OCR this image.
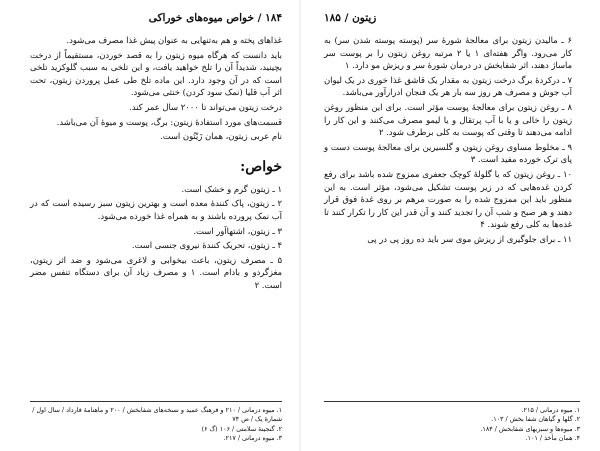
۱۸۴ / خواص میوه‌های خوراکی

غذاهای پخته و هم به‌تنهایی به عنوان پیش غذا مصرف می‌شود.

باید دانست که هرگاه میوه زیتون را به قصد خوردن، مستقیماً از درخت بچینید، شدیداً آن را تلخ خواهید یافت، و این تلخی به سبب گلوکزید تلخی است که در آن وجود دارد. این ماده تلخ طی عمل پروردن زیتون، تحت اثر آب قلیا (نمک سود کردن) خنثی می‌شود.

درخت زیتون می‌تواند تا ۲۰۰۰ سال عمر کند.

قسمت‌های مورد استفادهٔ زیتون: برگ، پوست و میوهٔ آن می‌باشد.

نام عربی زیتون، همان زَیْتُون است.

خواص:

۱ ـ زیتون گرم و خشک است.

۲ ـ زیتون، پاک کنندهٔ معده است و بهترین زیتون سبز رسیده است که در آب نمک پرورده باشند و به همراه غذا خورده می‌شود.

۳ ـ زیتون، اشتهاآور است.

۴ ـ زیتون، تحریک کنندهٔ نیروی جنسی است.

۵ ـ مصرف زیتون، باعث بیخوابی و لاغری می‌شود و ضد اثر زیتون، مغزگردو و بادام است. ۱ و مصرف زیاد آن برای دستگاه تنفس مضر است. ۲

۱. میوه درمانی / ۲۱۰ و فرهنگ عمید و نسخه‌های شفابخش / ۲۰۰ و ماهنامهٔ فارداد / سال اول / شمارهٔ یک / ص ۷۴

۲. گنجینهٔ سلامتی / ۱۰۶ (گ ۶)

۳. میوه درمانی / ۲۱۷.

زیتون / ۱۸۵

۶ ـ مالیدن زیتون برای معالجهٔ شورهٔ سر (پوسته پوسته شدن سر) به کار می‌رود. واگر هفته‌ای ۱ یا ۲ مرتبه روغن زیتون را بر پوست سر ماساژ دهند، اثر شفابخش در درمان شورهٔ سر و ریزش مو دارد. ۱

۷ ـ درکردهٔ برگ درخت زیتون به مقدار یک قاشق غذا خوری در یک لیوان آب جوش و مصرف هر روز سه بار هر یک فنجان ادرارآور می‌باشد.

۸ ـ روغن زیتون برای معالجهٔ پوست مؤثر است. برای این منظور روغن زیتون را خالی و یا با آب پرتقال و یا لیمو مصرف می‌کنند و این کار را ادامه می‌دهند تا وقتی که پوست به کلی برطرف شود. ۲

۹ ـ مخلوط مساوی روغن زیتون و گلسیرین برای معالجهٔ پوست دست و پای ترک خورده مفید است. ۳

۱۰ ـ روغن زیتون که با گلولهٔ کوچک جعفری ممزوج شده باشد برای رفع کردن غده‌هایی که در زیر پوست تشکیل می‌شود، مؤثر است. به این منظور باید این ممزوج شده را به صورت مرهم بر روی غدهٔ فوق قرار دهند و هر صبح و شب آن را تجدید کنند و آن قدر این کار را تکرار کنند تا غده‌ها به کلی رفع شوند. ۴

۱۱ ـ برای جلوگیری از ریزش موی سر باید ده روز پی در پی

۱. میوه درمانی / ۲۱۵.

۲. گلها و گیاهان شفا بخش / ۱۰۳.

۳. میوه‌ها و سبزیهای شفابخش / ۱۸۴.

۴. همان مأخذ / ۱۰۱.
